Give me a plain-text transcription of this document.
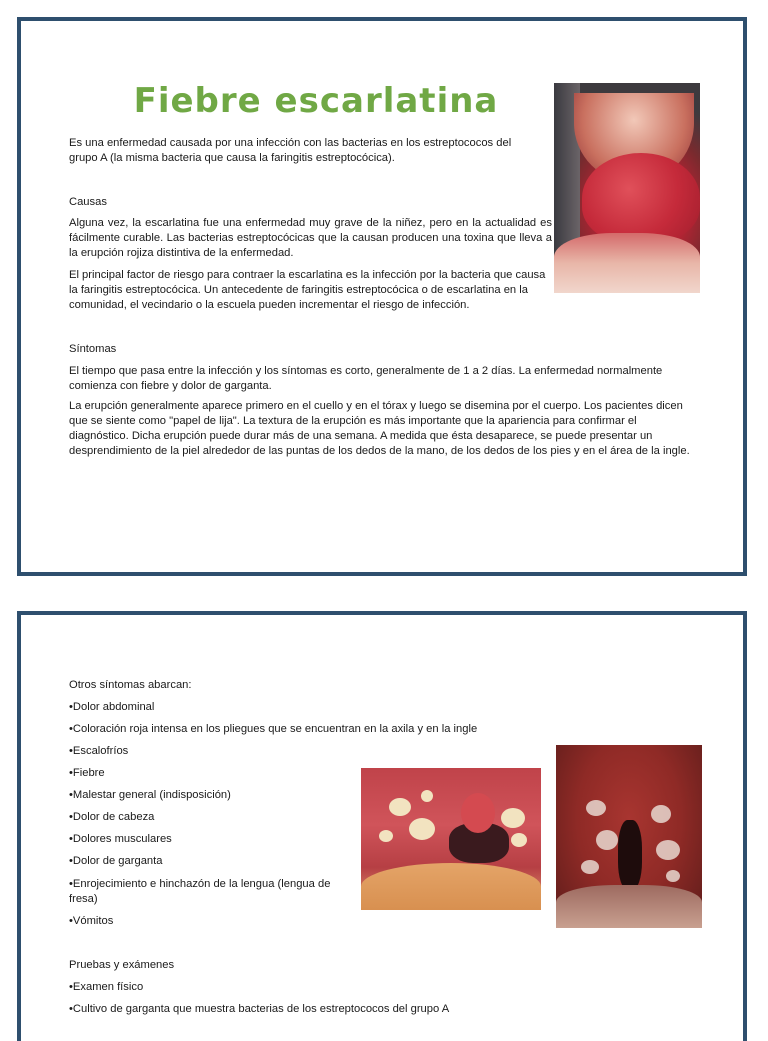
Fiebre escarlatina

Es una enfermedad causada por una infección con las bacterias en los estreptococos del grupo A (la misma bacteria que causa la faringitis estreptocócica).

Causas

Alguna vez, la escarlatina fue una enfermedad muy grave de la niñez, pero en la actualidad es fácilmente curable. Las bacterias estreptocócicas que la causan producen una toxina que lleva a la erupción rojiza distintiva de la enfermedad.

El principal factor de riesgo para contraer la escarlatina es la infección por la bacteria que causa la faringitis estreptocócica. Un antecedente de faringitis estreptocócica o de escarlatina en la comunidad, el vecindario o la escuela pueden incrementar el riesgo de infección.

Síntomas

El tiempo que pasa entre la infección y los síntomas es corto, generalmente de 1 a 2 días. La enfermedad normalmente comienza con fiebre y dolor de garganta.

La erupción generalmente aparece primero en el cuello y en el tórax y luego se disemina por el cuerpo. Los pacientes dicen que se siente como "papel de lija". La textura de la erupción es más importante que la apariencia para confirmar el diagnóstico. Dicha erupción puede durar más de una semana. A medida que ésta desaparece, se puede presentar un desprendimiento de la piel alrededor de las puntas de los dedos de la mano, de los dedos de los pies y en el área de la ingle.

Otros síntomas abarcan:

•Dolor abdominal

•Coloración roja intensa en los pliegues que se encuentran en la axila y en la ingle

•Escalofríos

•Fiebre

•Malestar general (indisposición)

•Dolor de cabeza

•Dolores musculares

•Dolor de garganta

•Enrojecimiento e hinchazón de la lengua (lengua de fresa)

•Vómitos

Pruebas y exámenes

•Examen físico

•Cultivo de garganta que muestra bacterias de los estreptococos del grupo A
